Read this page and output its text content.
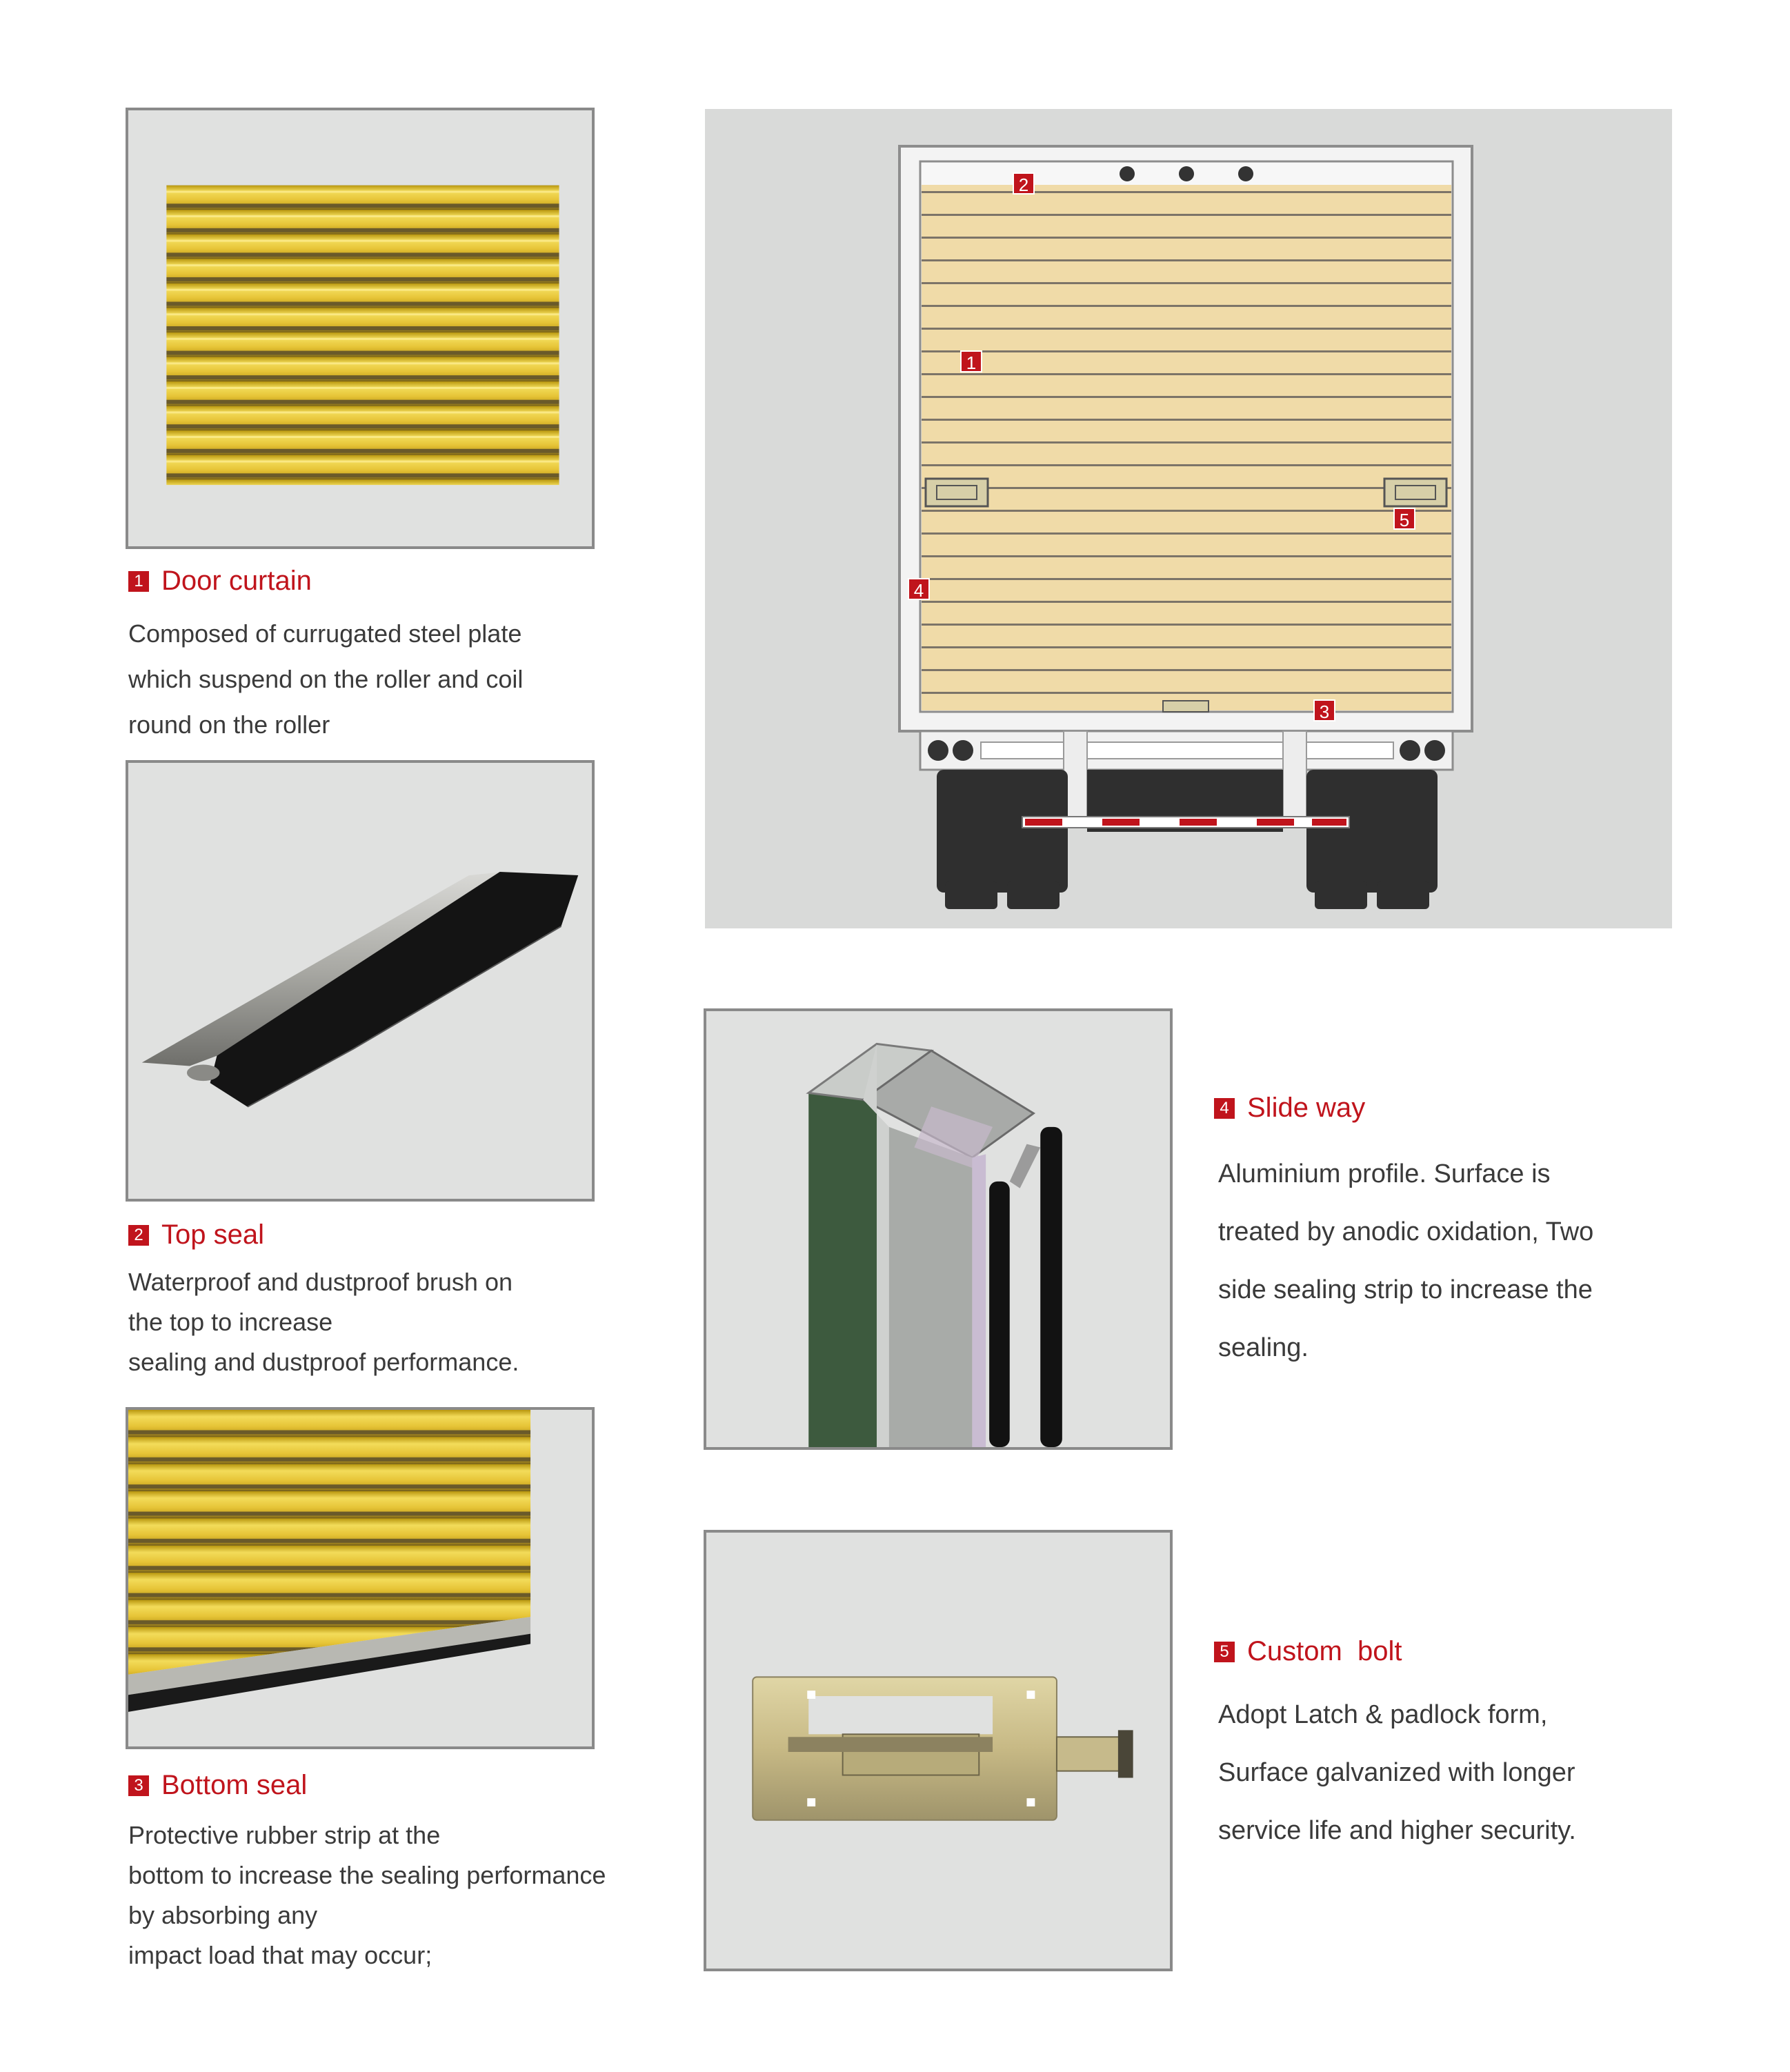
1 Door curtain
Composed of currugated steel plate
which suspend on the roller and coil
round on the roller
2 Top seal
Waterproof and dustproof brush on
the top to increase
sealing and dustproof performance.
3 Bottom seal
Protective rubber strip at the
bottom to increase the sealing performance
by absorbing any
impact load that may occur;
2
1
5
4
3
4 Slide way
Aluminium profile. Surface is
treated by anodic oxidation, Two
side sealing strip to increase the
sealing.
5 Custom  bolt
Adopt Latch & padlock form,
Surface galvanized with longer
service life and higher security.
